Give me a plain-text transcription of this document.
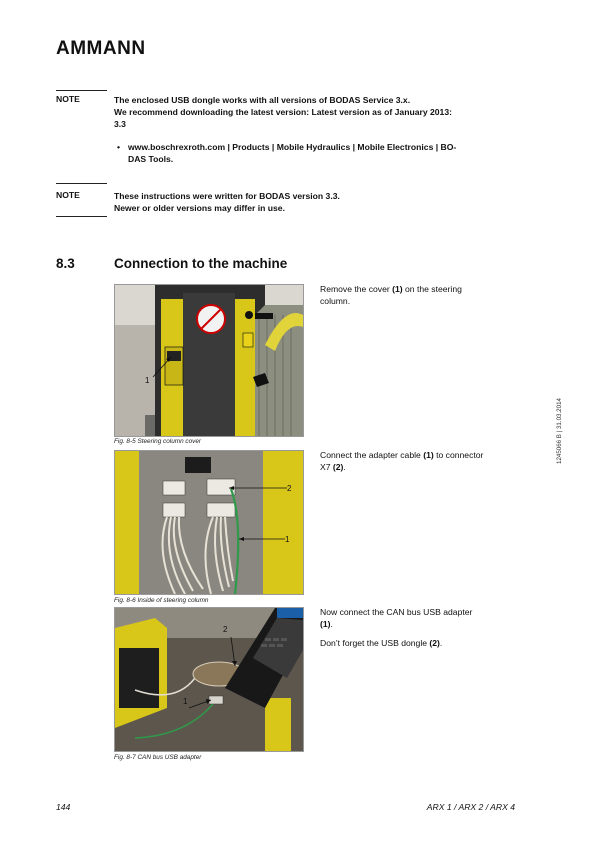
AMMANN
NOTE	The enclosed USB dongle works with all versions of BODAS Service 3.x.
We recommend downloading the latest version: Latest version as of January 2013:
3.3
• www.boschrexroth.com | Products | Mobile Hydraulics | Mobile Electronics | BO-
DAS Tools.
NOTE	These instructions were written for BODAS version 3.3.
Newer or older versions may differ in use.
8.3	Connection to the machine
1
Fig. 8-5 Steering column cover

Remove the cover (1) on the steering
column.

2
1
Fig. 8-6 Inside of steering column

Connect the adapter cable (1) to connector
X7 (2).

2
1
Fig. 8-7 CAN bus USB adapter

Now connect the CAN bus USB adapter
(1).

Don’t forget the USB dongle (2).

1245066 B | 31.03.2014
144	ARX 1 / ARX 2 / ARX 4
